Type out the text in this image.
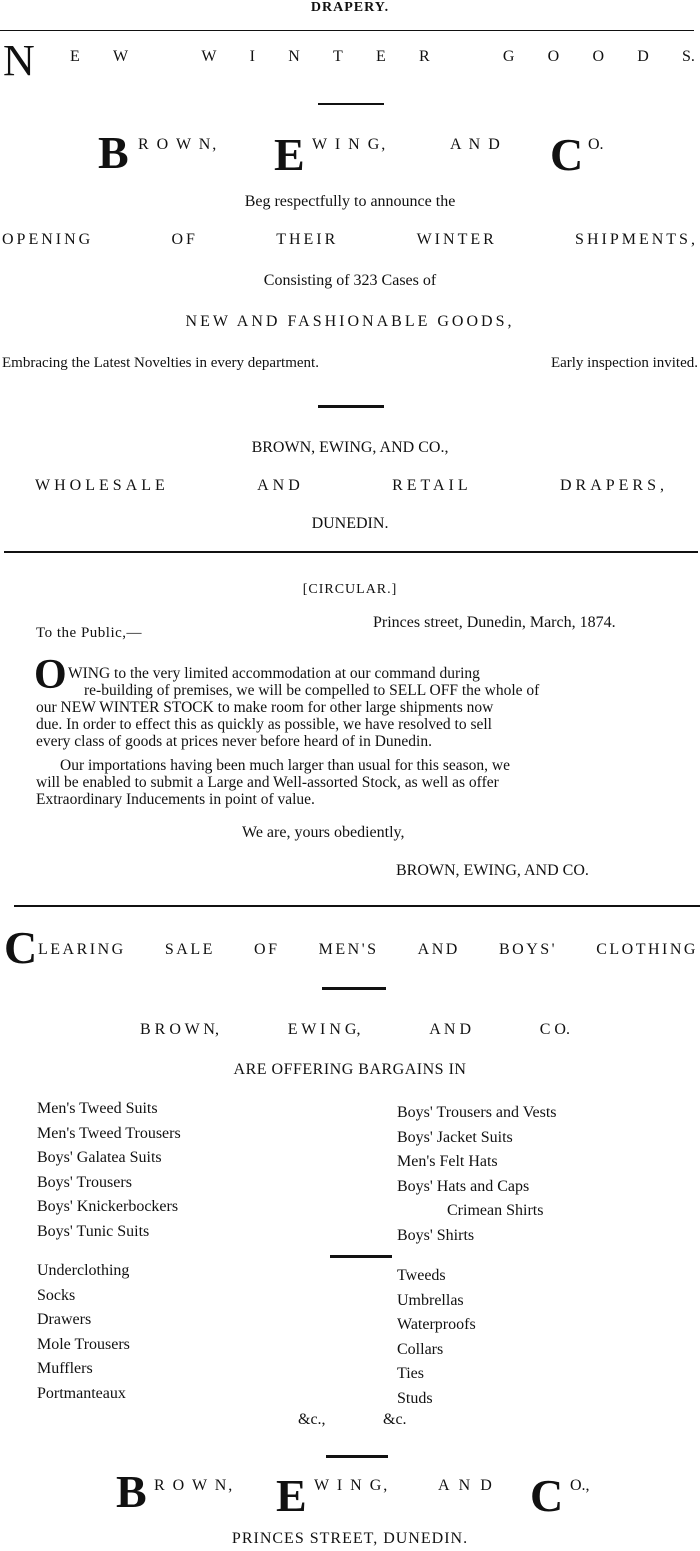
DRAPERY.
N E W	W I N T E R	G O O D S.
B R O W N, E W I N G,	A N D C O.
Beg respectfully to announce the
OPENING	OF	THEIR	WINTER	SHIPMENTS,
Consisting of 323 Cases of
NEW AND FASHIONABLE GOODS,
Embracing the Latest Novelties in every department.	Early inspection invited.
BROWN, EWING, AND CO.,
WHOLESALE	AND	RETAIL	DRAPERS,
DUNEDIN.
[CIRCULAR.]
Princes street, Dunedin, March, 1874.
To the Public,—
O WING to the very limited accommodation at our command during
re-building of premises, we will be compelled to SELL OFF the whole of
our NEW WINTER STOCK to make room for other large shipments now
due. In order to effect this as quickly as possible, we have resolved to sell
every class of goods at prices never before heard of in Dunedin.
Our importations having been much larger than usual for this season, we
will be enabled to submit a Large and Well-assorted Stock, as well as offer
Extraordinary Inducements in point of value.
We are, yours obediently,
BROWN, EWING, AND CO.
C LEARING SALE OF MEN'S AND BOYS' CLOTHING
B R O W N,	E W I N G,	A N D	C O.
ARE OFFERING BARGAINS IN
Men's Tweed Suits
Men's Tweed Trousers
Boys' Galatea Suits
Boys' Trousers
Boys' Knickerbockers
Boys' Tunic Suits
Boys' Trousers and Vests
Boys' Jacket Suits
Men's Felt Hats
Boys' Hats and Caps
Crimean Shirts
Boys' Shirts
Underclothing
Socks
Drawers
Mole Trousers
Mufflers
Portmanteaux
Tweeds
Umbrellas
Waterproofs
Collars
Ties
Studs
&c.,	&c.
B R O W N, E W I N G,	A N D C O.,
PRINCES STREET, DUNEDIN.
